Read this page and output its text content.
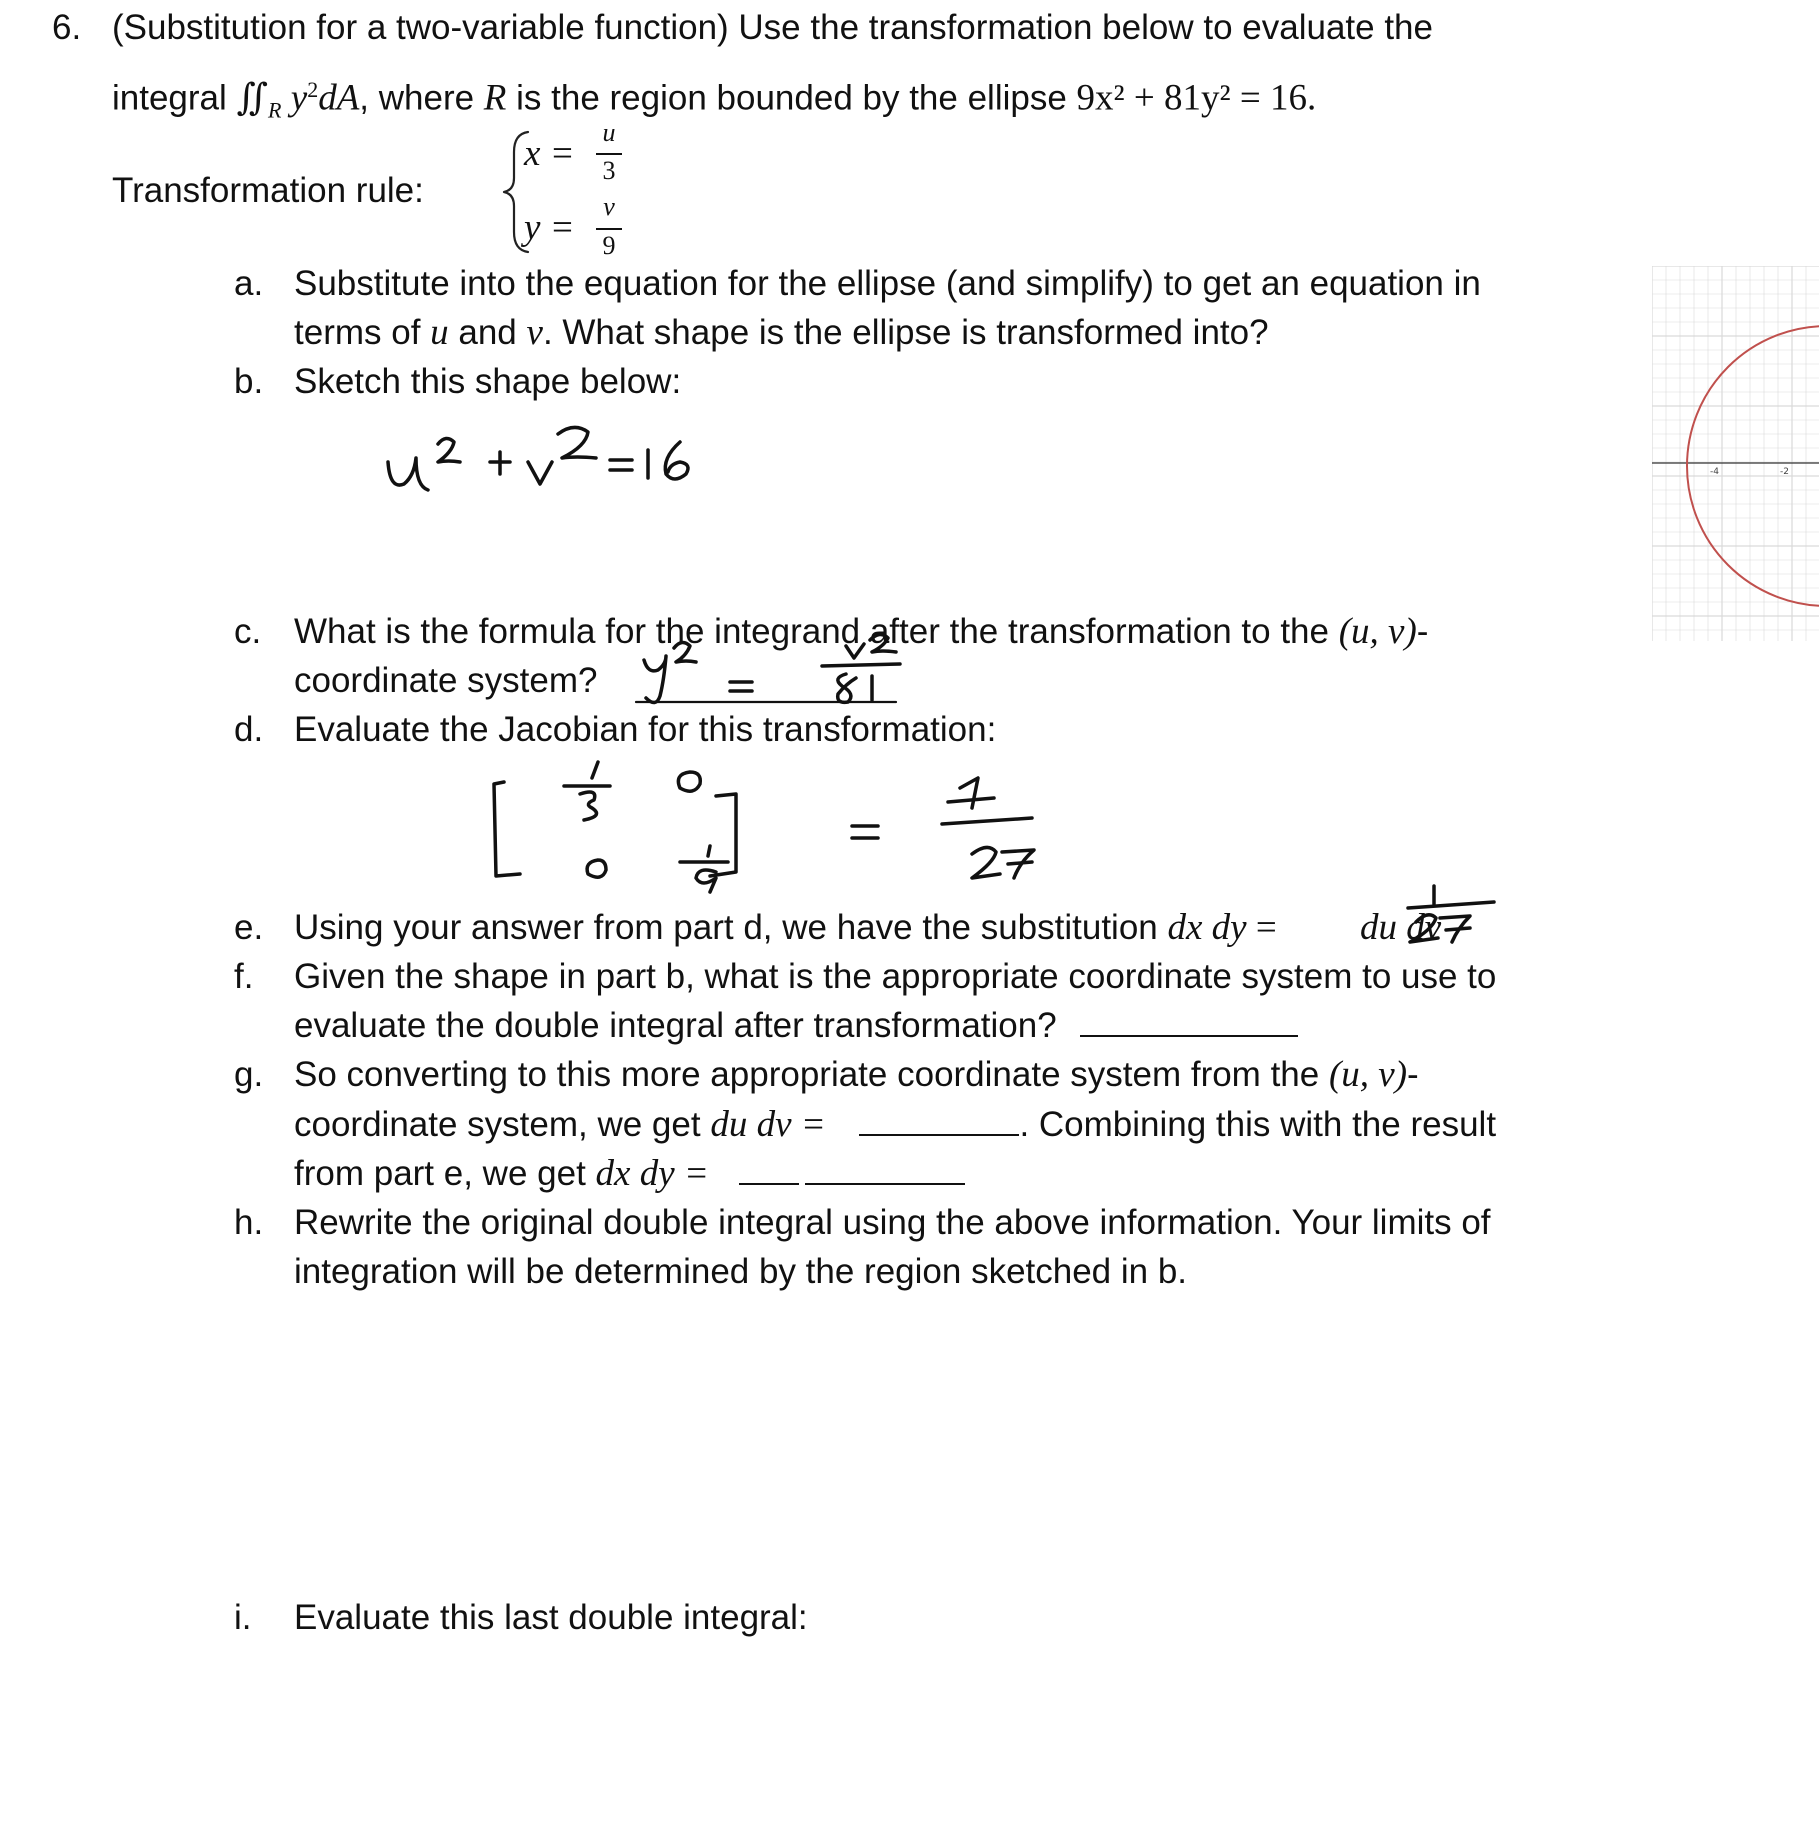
6. (Substitution for a two-variable function) Use the transformation below to evaluate the
integral $∬_R$ $y^2dA$, where R is the region bounded by the ellipse 9x² + 81y² = 16.
Transformation rule:
x =
u
3
y =
v
9
a. Substitute into the equation for the ellipse (and simplify) to get an equation in
terms of u and v. What shape is the ellipse is transformed into?
b. Sketch this shape below:
-4	-2
c. What is the formula for the integrand after the transformation to the (u, v)-
coordinate system?
d. Evaluate the Jacobian for this transformation:
e. Using your answer from part d, we have the substitution dx dy = du dv
f. Given the shape in part b, what is the appropriate coordinate system to use to
evaluate the double integral after transformation?
g. So converting to this more appropriate coordinate system from the (u, v)-
coordinate system, we get du dv =	. Combining this with the result
from part e, we get dx dy =
h. Rewrite the original double integral using the above information. Your limits of
integration will be determined by the region sketched in b.
i. Evaluate this last double integral:
